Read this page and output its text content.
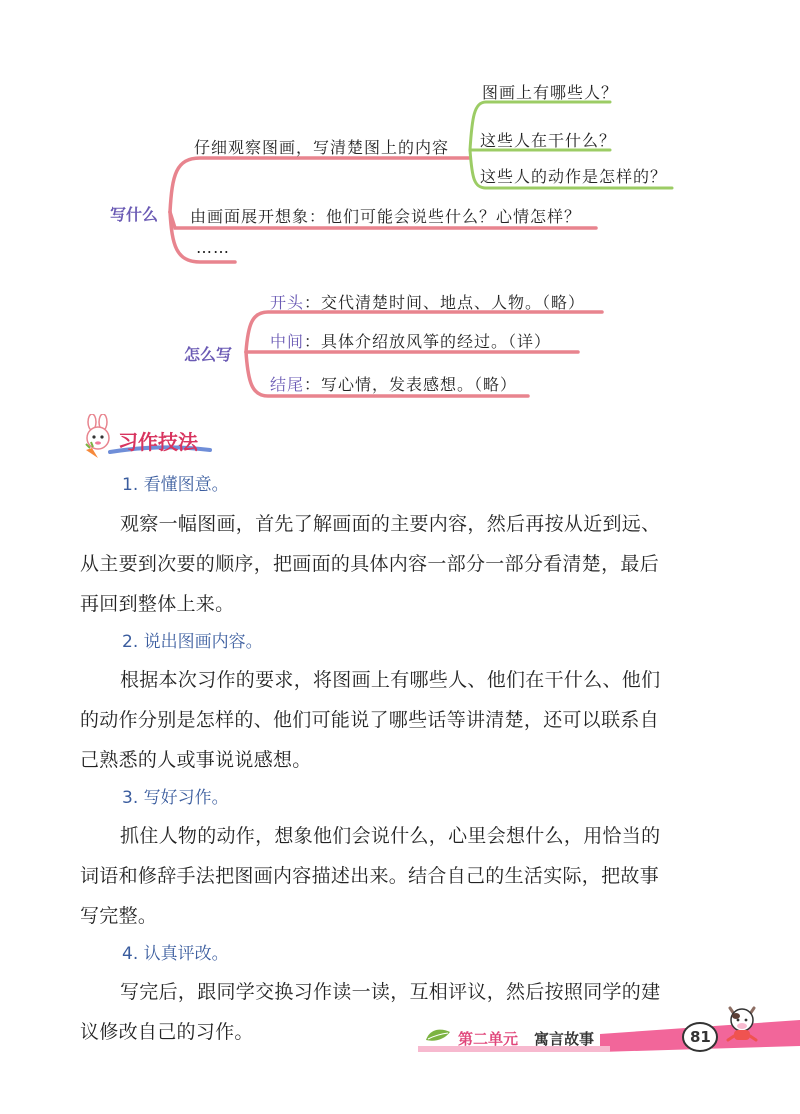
写什么
仔细观察图画，写清楚图上的内容
图画上有哪些人？
这些人在干什么？
这些人的动作是怎样的？
由画面展开想象：他们可能会说些什么？心情怎样？
……
怎么写
开头：交代清楚时间、地点、人物。（略）
中间：具体介绍放风筝的经过。（详）
结尾：写心情，发表感想。（略）
习作技法
1. 看懂图意。
观察一幅图画，首先了解画面的主要内容，然后再按从近到远、
从主要到次要的顺序，把画面的具体内容一部分一部分看清楚，最后
再回到整体上来。
2. 说出图画内容。
根据本次习作的要求，将图画上有哪些人、他们在干什么、他们
的动作分别是怎样的、他们可能说了哪些话等讲清楚，还可以联系自
己熟悉的人或事说说感想。
3. 写好习作。
抓住人物的动作，想象他们会说什么，心里会想什么，用恰当的
词语和修辞手法把图画内容描述出来。结合自己的生活实际，把故事
写完整。
4. 认真评改。
写完后，跟同学交换习作读一读，互相评议，然后按照同学的建
议修改自己的习作。	第二单元 寓言故事	81
